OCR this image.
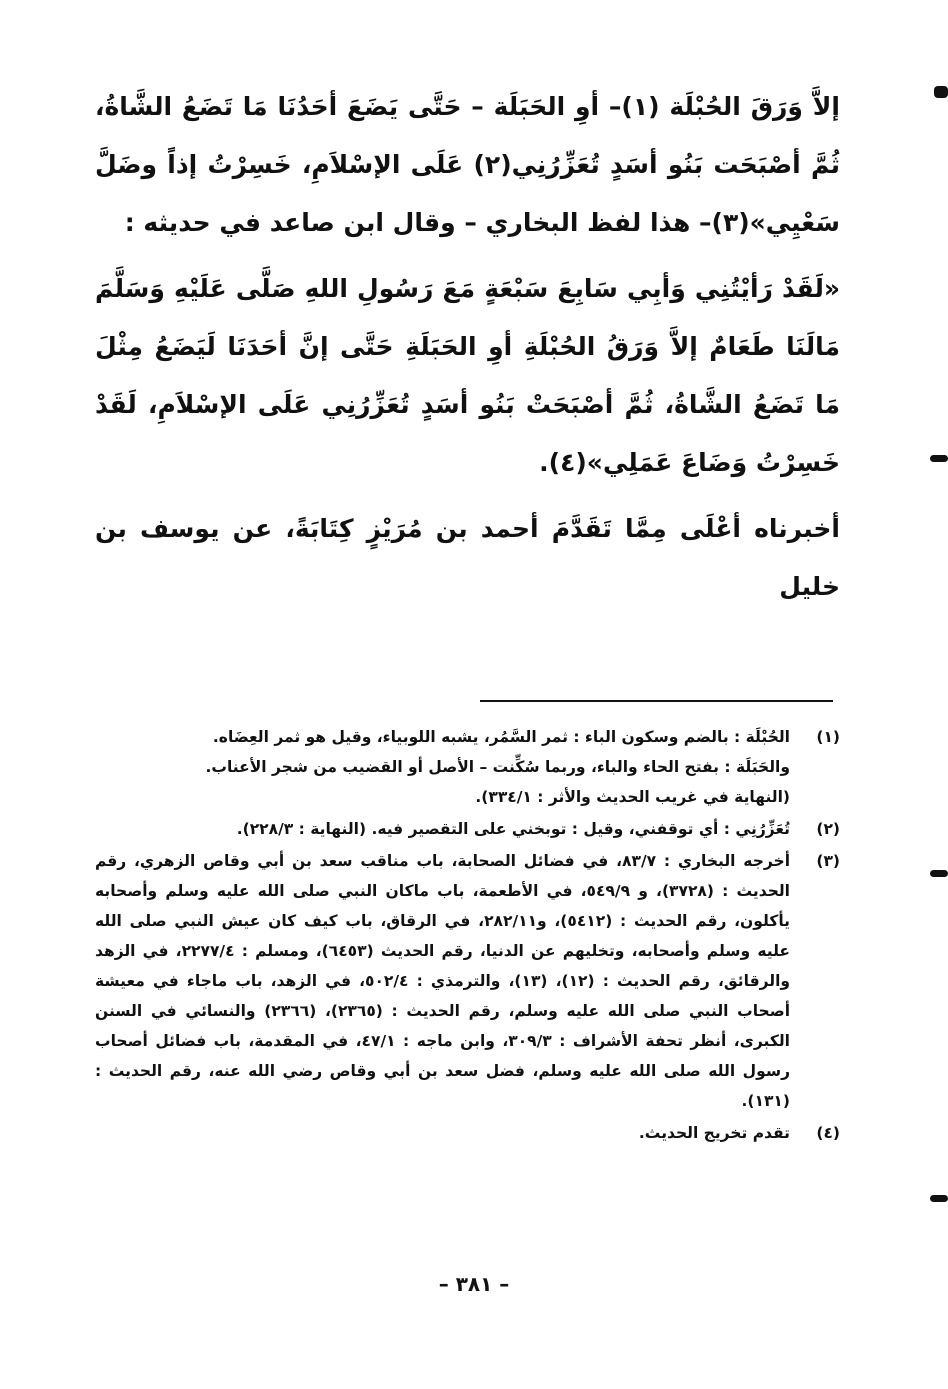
إلاَّ وَرَقَ الحُبْلَة (١)– أوِ الحَبَلَة – حَتَّى يَضَعَ أحَدُنَا مَا تَضَعُ الشَّاةُ، ثُمَّ أصْبَحَت بَنُو أسَدٍ تُعَزِّرُنِي(٢) عَلَى الإسْلاَمِ، خَسِرْتُ إذاً وضَلَّ سَعْيِي»(٣)– هذا لفظ البخاري – وقال ابن صاعد في حديثه :

«لَقَدْ رَأيْتُنِي وَأبِي سَابِعَ سَبْعَةٍ مَعَ رَسُولِ اللهِ صَلَّى عَلَيْهِ وَسَلَّمَ مَالَنَا طَعَامٌ إلاَّ وَرَقُ الحُبْلَةِ أوِ الحَبَلَةِ حَتَّى إنَّ أحَدَنَا لَيَضَعُ مِثْلَ مَا تَضَعُ الشَّاةُ، ثُمَّ أصْبَحَتْ بَنُو أسَدٍ تُعَزِّرُنِي عَلَى الإسْلاَمِ، لَقَدْ خَسِرْتُ وَضَاعَ عَمَلِي»(٤).

أخبرناه أعْلَى مِمَّا تَقَدَّمَ أحمد بن مُرَيْزٍ كِتَابَةً، عن يوسف بن خليل

(١)
الحُبْلَة : بالضم وسكون الباء : ثمر السَّمُر، يشبه اللوبياء، وقيل هو ثمر العِضَاه.
والحَبَلَة : بفتح الحاء والباء، وربما سُكِّنت – الأصل أو القضيب من شجر الأعناب.
(النهاية في غريب الحديث والأثر : ٣٣٤/١).
(٢)
تُعَزِّرُنِي : أي توقفني، وقيل : توبخني على التقصير فيه. (النهاية : ٢٢٨/٣).
(٣)
أخرجه البخاري : ٨٣/٧، في فضائل الصحابة، باب مناقب سعد بن أبي وقاص الزهري، رقم الحديث : (٣٧٢٨)، و ٥٤٩/٩، في الأطعمة، باب ماكان النبي صلى الله عليه وسلم وأصحابه يأكلون، رقم الحديث : (٥٤١٢)، و٢٨٢/١١، في الرقاق، باب كيف كان عيش النبي صلى الله عليه وسلم وأصحابه، وتخليهم عن الدنيا، رقم الحديث (٦٤٥٣)، ومسلم : ٢٢٧٧/٤، في الزهد والرقائق، رقم الحديث : (١٢)، (١٣)، والترمذي : ٥٠٢/٤، في الزهد، باب ماجاء في معيشة أصحاب النبي صلى الله عليه وسلم، رقم الحديث : (٢٣٦٥)، (٢٣٦٦) والنسائي في السنن الكبرى، أنظر تحفة الأشراف : ٣٠٩/٣، وابن ماجه : ٤٧/١، في المقدمة، باب فضائل أصحاب رسول الله صلى الله عليه وسلم، فضل سعد بن أبي وقاص رضي الله عنه، رقم الحديث : (١٣١).
(٤)
تقدم تخريج الحديث.
– ٣٨١ –
